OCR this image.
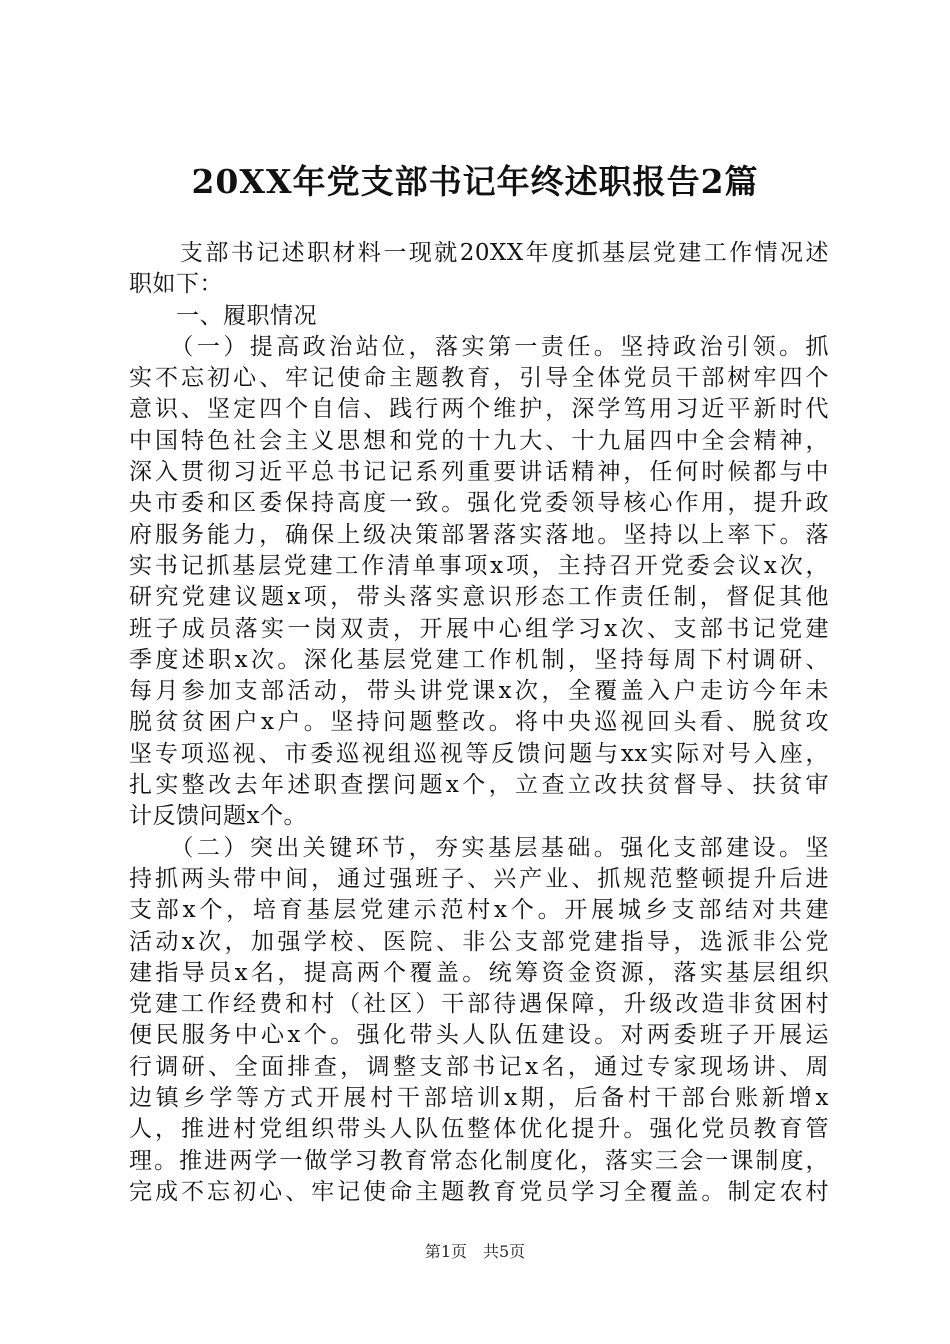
20XX年党支部书记年终述职报告2篇
　　支部书记述职材料一现就20XX年度抓基层党建工作情况述
职如下：
　　一、履职情况
　　（一）提高政治站位，落实第一责任。坚持政治引领。抓
实不忘初心、牢记使命主题教育，引导全体党员干部树牢四个
意识、坚定四个自信、践行两个维护，深学笃用习近平新时代
中国特色社会主义思想和党的十九大、十九届四中全会精神，
深入贯彻习近平总书记记系列重要讲话精神，任何时候都与中
央市委和区委保持高度一致。强化党委领导核心作用，提升政
府服务能力，确保上级决策部署落实落地。坚持以上率下。落
实书记抓基层党建工作清单事项x项，主持召开党委会议x次，
研究党建议题x项，带头落实意识形态工作责任制，督促其他
班子成员落实一岗双责，开展中心组学习x次、支部书记党建
季度述职x次。深化基层党建工作机制，坚持每周下村调研、
每月参加支部活动，带头讲党课x次，全覆盖入户走访今年未
脱贫贫困户x户。坚持问题整改。将中央巡视回头看、脱贫攻
坚专项巡视、市委巡视组巡视等反馈问题与xx实际对号入座，
扎实整改去年述职查摆问题x个，立查立改扶贫督导、扶贫审
计反馈问题x个。
　　（二）突出关键环节，夯实基层基础。强化支部建设。坚
持抓两头带中间，通过强班子、兴产业、抓规范整顿提升后进
支部x个，培育基层党建示范村x个。开展城乡支部结对共建
活动x次，加强学校、医院、非公支部党建指导，选派非公党
建指导员x名，提高两个覆盖。统筹资金资源，落实基层组织
党建工作经费和村（社区）干部待遇保障，升级改造非贫困村
便民服务中心x个。强化带头人队伍建设。对两委班子开展运
行调研、全面排查，调整支部书记x名，通过专家现场讲、周
边镇乡学等方式开展村干部培训x期，后备村干部台账新增x
人，推进村党组织带头人队伍整体优化提升。强化党员教育管
理。推进两学一做学习教育常态化制度化，落实三会一课制度，
完成不忘初心、牢记使命主题教育党员学习全覆盖。制定农村
第1页　共5页
